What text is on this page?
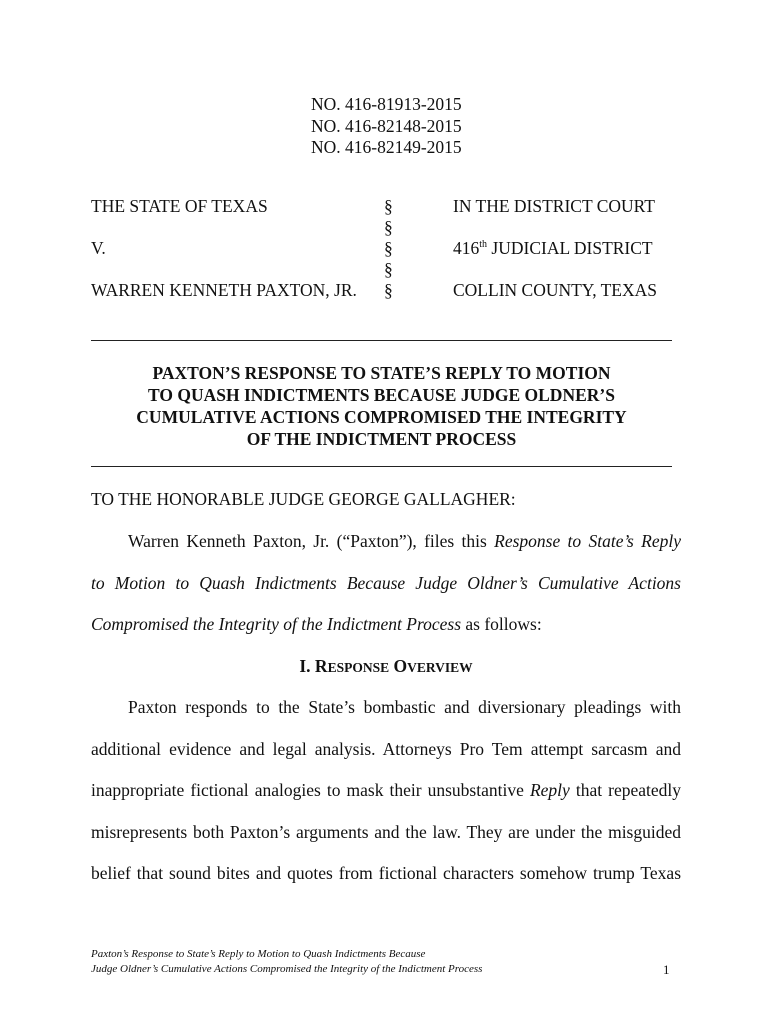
NO. 416-81913-2015
NO. 416-82148-2015
NO. 416-82149-2015
THE STATE OF TEXAS	§	IN THE DISTRICT COURT
§
V.	§	416th JUDICIAL DISTRICT
§
WARREN KENNETH PAXTON, JR. §	COLLIN COUNTY, TEXAS
PAXTON’S RESPONSE TO STATE’S REPLY TO MOTION
TO QUASH INDICTMENTS BECAUSE JUDGE OLDNER’S
CUMULATIVE ACTIONS COMPROMISED THE INTEGRITY
OF THE INDICTMENT PROCESS
TO THE HONORABLE JUDGE GEORGE GALLAGHER:
Warren Kenneth Paxton, Jr. (“Paxton”), files this Response to State’s Reply
to Motion to Quash Indictments Because Judge Oldner’s Cumulative Actions
Compromised the Integrity of the Indictment Process as follows:
I. RESPONSE OVERVIEW
Paxton responds to the State’s bombastic and diversionary pleadings with
additional evidence and legal analysis. Attorneys Pro Tem attempt sarcasm and
inappropriate fictional analogies to mask their unsubstantive Reply that repeatedly
misrepresents both Paxton’s arguments and the law. They are under the misguided
belief that sound bites and quotes from fictional characters somehow trump Texas
Paxton’s Response to State’s Reply to Motion to Quash Indictments Because
Judge Oldner’s Cumulative Actions Compromised the Integrity of the Indictment Process	1
